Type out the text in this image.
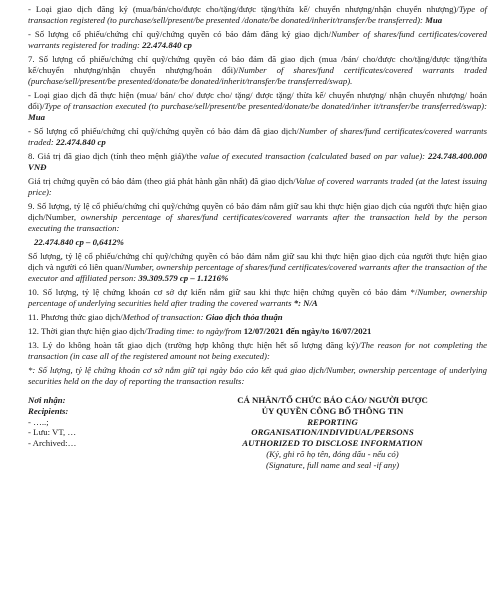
- Loại giao dịch đăng ký (mua/bán/cho/được cho/tặng/được tặng/thừa kế/ chuyển nhượng/nhận chuyển nhượng)/Type of transaction registered (to purchase/sell/present/be presented /donate/be donated/inherit/transfer/be transferred): Mua

- Số lượng cổ phiếu/chứng chỉ quỹ/chứng quyền có bảo đảm đăng ký giao dịch/Number of shares/fund certificates/covered warrants registered for trading: 22.474.840 cp

7. Số lượng cổ phiếu/chứng chỉ quỹ/chứng quyền có bảo đảm đã giao dịch (mua /bán/ cho/được cho/tặng/được tặng/thừa kế/chuyển nhượng/nhận chuyển nhượng/hoán đổi)/Number of shares/fund certificates/covered warrants traded (purchase/sell/present/be presented/donate/be donated/inherit/transfer/be transferred/swap).

- Loại giao dịch đã thực hiện (mua/ bán/ cho/ được cho/ tặng/ được tặng/ thừa kế/ chuyển nhượng/ nhận chuyển nhượng/ hoán đổi)/Type of transaction executed (to purchase/sell/present/be presented/donate/be donated/inher it/transfer/be transferred/swap): Mua

- Số lượng cổ phiếu/chứng chỉ quỹ/chứng quyền có bảo đảm đã giao dịch/Number of shares/fund certificates/covered warrants traded: 22.474.840 cp

8. Giá trị đã giao dịch (tính theo mệnh giá)/the value of executed transaction (calculated based on par value): 224.748.400.000 VNĐ

Giá trị chứng quyền có bảo đảm (theo giá phát hành gần nhất) đã giao dịch/Value of covered warrants traded (at the latest issuing price):

9. Số lượng, tỷ lệ cổ phiếu/chứng chỉ quỹ/chứng quyền có bảo đảm nắm giữ sau khi thực hiện giao dịch của người thực hiện giao dịch/Number, ownership percentage of shares/fund certificates/covered warrants after the transaction held by the person executing the transaction:

22.474.840 cp – 0,6412%

Số lượng, tỷ lệ cổ phiếu/chứng chỉ quỹ/chứng quyền có bảo đảm nắm giữ sau khi thực hiện giao dịch của người thực hiện giao dịch và người có liên quan/Number, ownership percentage of shares/fund certificates/covered warrants after the transaction of the executor and affiliated person: 39.309.579 cp – 1.1216%

10. Số lượng, tỷ lệ chứng khoán cơ sở dự kiến nắm giữ sau khi thực hiện chứng quyền có bảo đảm */Number, ownership percentage of underlying securities held after trading the covered warrants *: N/A

11. Phương thức giao dịch/Method of transaction: Giao dịch thỏa thuận

12. Thời gian thực hiện giao dịch/Trading time: to ngày/from 12/07/2021 đến ngày/to 16/07/2021

13. Lý do không hoàn tất giao dịch (trường hợp không thực hiện hết số lượng đăng ký)/The reason for not completing the transaction (in case all of the registered amount not being executed):

*: Số lượng, tỷ lệ chứng khoán cơ sở nắm giữ tại ngày báo cáo kết quả giao dịch/Number, ownership percentage of underlying securities held on the day of reporting the transaction results:

Nơi nhận:
Recipients:
- …..;
- Lưu: VT, …
- Archived:…
CÁ NHÂN/TỔ CHỨC BÁO CÁO/ NGƯỜI ĐƯỢC
ỦY QUYỀN CÔNG BỐ THÔNG TIN
REPORTING
ORGANISATION/INDIVIDUAL/PERSONS
AUTHORIZED TO DISCLOSE INFORMATION
(Ký, ghi rõ họ tên, đóng dấu - nếu có)
(Signature, full name and seal -if any)
